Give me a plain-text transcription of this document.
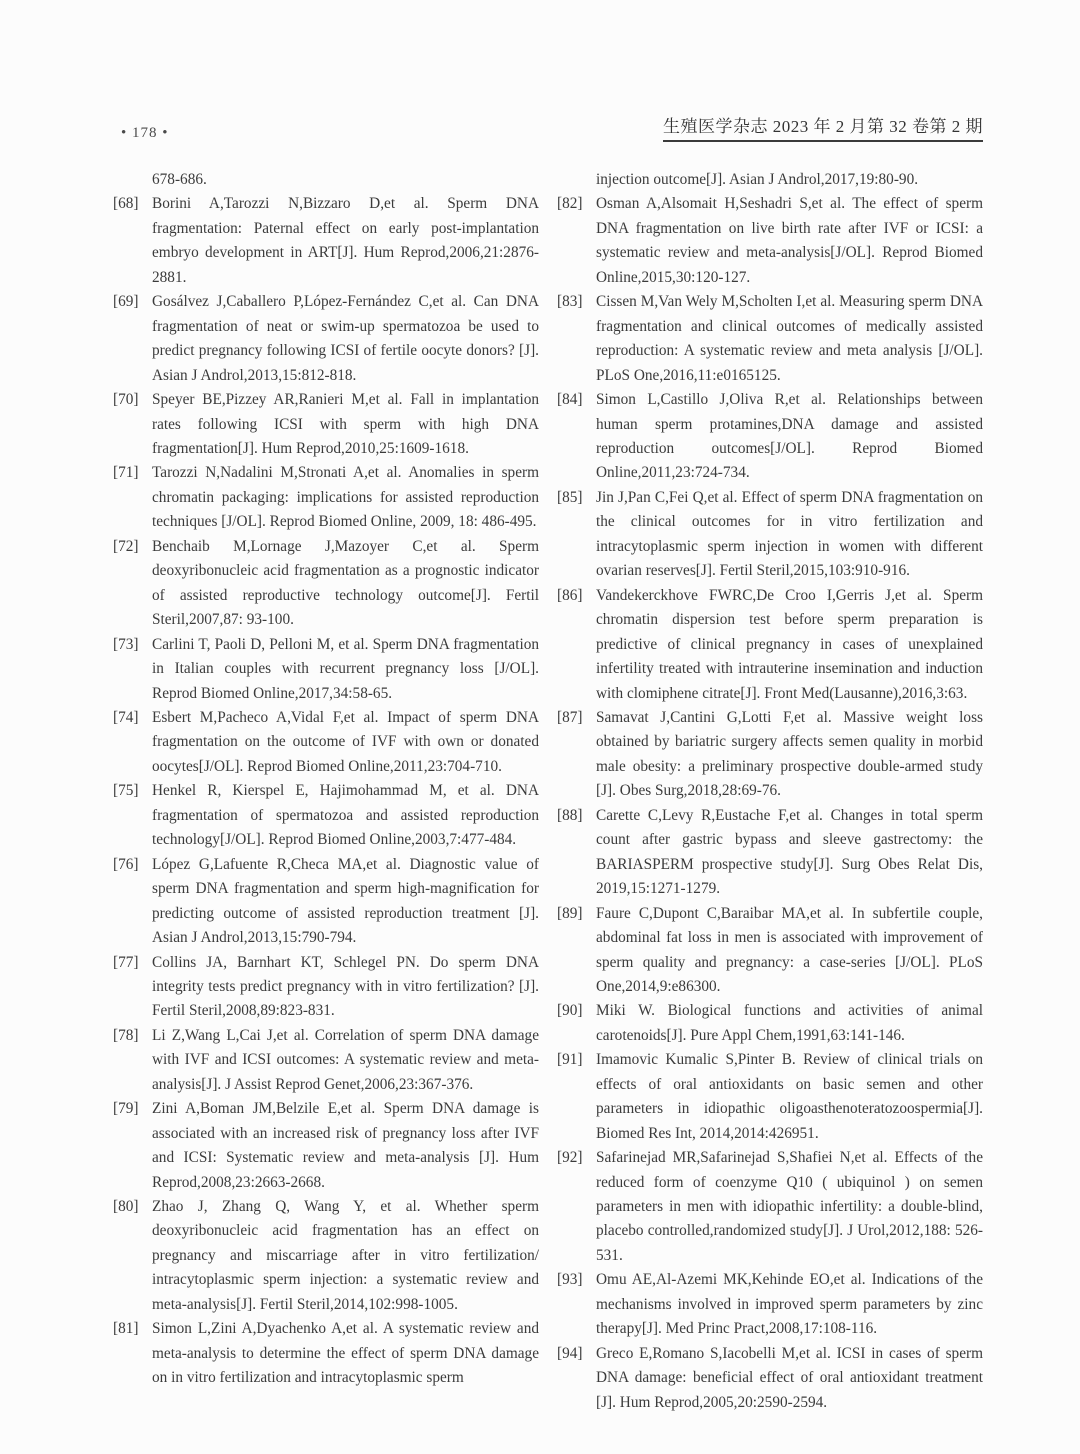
• 178 •	生殖医学杂志 2023 年 2 月第 32 卷第 2 期
678-686.
[68] Borini A,Tarozzi N,Bizzaro D,et al. Sperm DNA fragmentation: Paternal effect on early post-implantation embryo development in ART[J]. Hum Reprod,2006,21:2876-2881.
[69] Gosálvez J,Caballero P,López-Fernández C,et al. Can DNA fragmentation of neat or swim-up spermatozoa be used to predict pregnancy following ICSI of fertile oocyte donors? [J]. Asian J Androl,2013,15:812-818.
[70] Speyer BE,Pizzey AR,Ranieri M,et al. Fall in implantation rates following ICSI with sperm with high DNA fragmentation[J]. Hum Reprod,2010,25:1609-1618.
[71] Tarozzi N,Nadalini M,Stronati A,et al. Anomalies in sperm chromatin packaging: implications for assisted reproduction techniques [J/OL]. Reprod Biomed Online, 2009, 18: 486-495.
[72] Benchaib M,Lornage J,Mazoyer C,et al. Sperm deoxyribonucleic acid fragmentation as a prognostic indicator of assisted reproductive technology outcome[J]. Fertil Steril,2007,87: 93-100.
[73] Carlini T, Paoli D, Pelloni M, et al. Sperm DNA fragmentation in Italian couples with recurrent pregnancy loss [J/OL]. Reprod Biomed Online,2017,34:58-65.
[74] Esbert M,Pacheco A,Vidal F,et al. Impact of sperm DNA fragmentation on the outcome of IVF with own or donated oocytes[J/OL]. Reprod Biomed Online,2011,23:704-710.
[75] Henkel R, Kierspel E, Hajimohammad M, et al. DNA fragmentation of spermatozoa and assisted reproduction technology[J/OL]. Reprod Biomed Online,2003,7:477-484.
[76] López G,Lafuente R,Checa MA,et al. Diagnostic value of sperm DNA fragmentation and sperm high-magnification for predicting outcome of assisted reproduction treatment [J]. Asian J Androl,2013,15:790-794.
[77] Collins JA, Barnhart KT, Schlegel PN. Do sperm DNA integrity tests predict pregnancy with in vitro fertilization? [J]. Fertil Steril,2008,89:823-831.
[78] Li Z,Wang L,Cai J,et al. Correlation of sperm DNA damage with IVF and ICSI outcomes: A systematic review and meta-analysis[J]. J Assist Reprod Genet,2006,23:367-376.
[79] Zini A,Boman JM,Belzile E,et al. Sperm DNA damage is associated with an increased risk of pregnancy loss after IVF and ICSI: Systematic review and meta-analysis [J]. Hum Reprod,2008,23:2663-2668.
[80] Zhao J, Zhang Q, Wang Y, et al. Whether sperm deoxyribonucleic acid fragmentation has an effect on pregnancy and miscarriage after in vitro fertilization/ intracytoplasmic sperm injection: a systematic review and meta-analysis[J]. Fertil Steril,2014,102:998-1005.
[81] Simon L,Zini A,Dyachenko A,et al. A systematic review and meta-analysis to determine the effect of sperm DNA damage on in vitro fertilization and intracytoplasmic sperm
injection outcome[J]. Asian J Androl,2017,19:80-90.
[82] Osman A,Alsomait H,Seshadri S,et al. The effect of sperm DNA fragmentation on live birth rate after IVF or ICSI: a systematic review and meta-analysis[J/OL]. Reprod Biomed Online,2015,30:120-127.
[83] Cissen M,Van Wely M,Scholten I,et al. Measuring sperm DNA fragmentation and clinical outcomes of medically assisted reproduction: A systematic review and meta analysis [J/OL]. PLoS One,2016,11:e0165125.
[84] Simon L,Castillo J,Oliva R,et al. Relationships between human sperm protamines,DNA damage and assisted reproduction outcomes[J/OL]. Reprod Biomed Online,2011,23:724-734.
[85] Jin J,Pan C,Fei Q,et al. Effect of sperm DNA fragmentation on the clinical outcomes for in vitro fertilization and intracytoplasmic sperm injection in women with different ovarian reserves[J]. Fertil Steril,2015,103:910-916.
[86] Vandekerckhove FWRC,De Croo I,Gerris J,et al. Sperm chromatin dispersion test before sperm preparation is predictive of clinical pregnancy in cases of unexplained infertility treated with intrauterine insemination and induction with clomiphene citrate[J]. Front Med(Lausanne),2016,3:63.
[87] Samavat J,Cantini G,Lotti F,et al. Massive weight loss obtained by bariatric surgery affects semen quality in morbid male obesity: a preliminary prospective double-armed study [J]. Obes Surg,2018,28:69-76.
[88] Carette C,Levy R,Eustache F,et al. Changes in total sperm count after gastric bypass and sleeve gastrectomy: the BARIASPERM prospective study[J]. Surg Obes Relat Dis, 2019,15:1271-1279.
[89] Faure C,Dupont C,Baraibar MA,et al. In subfertile couple, abdominal fat loss in men is associated with improvement of sperm quality and pregnancy: a case-series [J/OL]. PLoS One,2014,9:e86300.
[90] Miki W. Biological functions and activities of animal carotenoids[J]. Pure Appl Chem,1991,63:141-146.
[91] Imamovic Kumalic S,Pinter B. Review of clinical trials on effects of oral antioxidants on basic semen and other parameters in idiopathic oligoasthenoteratozoospermia[J]. Biomed Res Int, 2014,2014:426951.
[92] Safarinejad MR,Safarinejad S,Shafiei N,et al. Effects of the reduced form of coenzyme Q10 ( ubiquinol ) on semen parameters in men with idiopathic infertility: a double-blind, placebo controlled,randomized study[J]. J Urol,2012,188: 526-531.
[93] Omu AE,Al-Azemi MK,Kehinde EO,et al. Indications of the mechanisms involved in improved sperm parameters by zinc therapy[J]. Med Princ Pract,2008,17:108-116.
[94] Greco E,Romano S,Iacobelli M,et al. ICSI in cases of sperm DNA damage: beneficial effect of oral antioxidant treatment [J]. Hum Reprod,2005,20:2590-2594.
